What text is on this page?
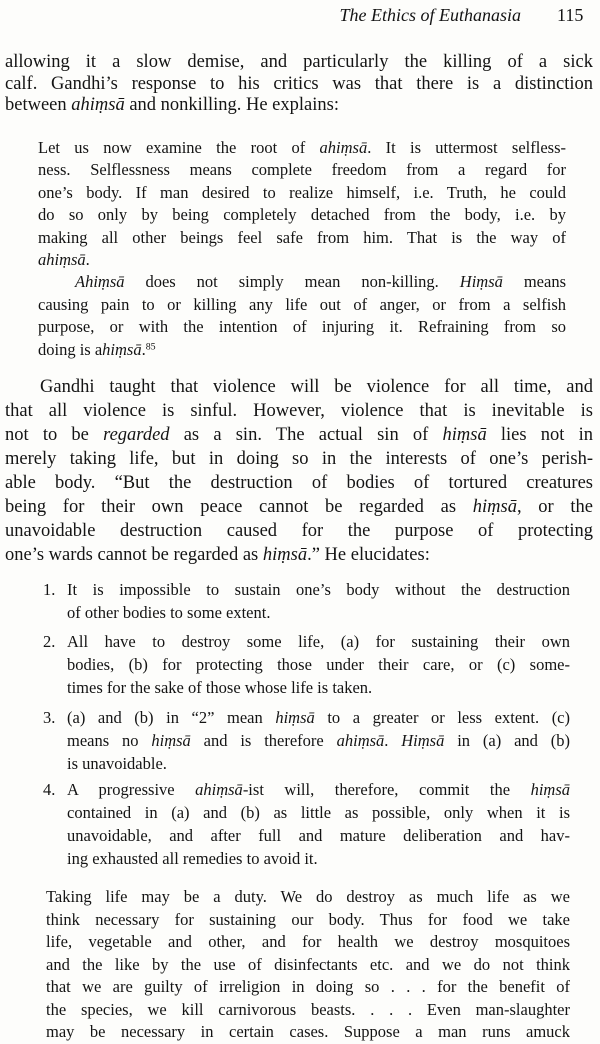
The Ethics of Euthanasia 115
allowing it a slow demise, and particularly the killing of a sick
calf. Gandhi’s response to his critics was that there is a distinction
between ahiṃsā and nonkilling. He explains:
Let us now examine the root of ahiṃsā. It is uttermost selfless-
ness. Selflessness means complete freedom from a regard for
one’s body. If man desired to realize himself, i.e. Truth, he could
do so only by being completely detached from the body, i.e. by
making all other beings feel safe from him. That is the way of
ahiṃsā.
Ahiṃsā does not simply mean non-killing. Hiṃsā means
causing pain to or killing any life out of anger, or from a selfish
purpose, or with the intention of injuring it. Refraining from so
doing is ahiṃsā.$^{85}$
Gandhi taught that violence will be violence for all time, and
that all violence is sinful. However, violence that is inevitable is
not to be regarded as a sin. The actual sin of hiṃsā lies not in
merely taking life, but in doing so in the interests of one’s perish-
able body. “But the destruction of bodies of tortured creatures
being for their own peace cannot be regarded as hiṃsā, or the
unavoidable destruction caused for the purpose of protecting
one’s wards cannot be regarded as hiṃsā.” He elucidates:
1. It is impossible to sustain one’s body without the destruction
of other bodies to some extent.
2. All have to destroy some life, (a) for sustaining their own
bodies, (b) for protecting those under their care, or (c) some-
times for the sake of those whose life is taken.
3. (a) and (b) in “2” mean hiṃsā to a greater or less extent. (c)
means no hiṃsā and is therefore ahiṃsā. Hiṃsā in (a) and (b)
is unavoidable.
4. A progressive ahiṃsā-ist will, therefore, commit the hiṃsā
contained in (a) and (b) as little as possible, only when it is
unavoidable, and after full and mature deliberation and hav-
ing exhausted all remedies to avoid it.
Taking life may be a duty. We do destroy as much life as we
think necessary for sustaining our body. Thus for food we take
life, vegetable and other, and for health we destroy mosquitoes
and the like by the use of disinfectants etc. and we do not think
that we are guilty of irreligion in doing so . . . for the benefit of
the species, we kill carnivorous beasts. . . . Even man-slaughter
may be necessary in certain cases. Suppose a man runs amuck
